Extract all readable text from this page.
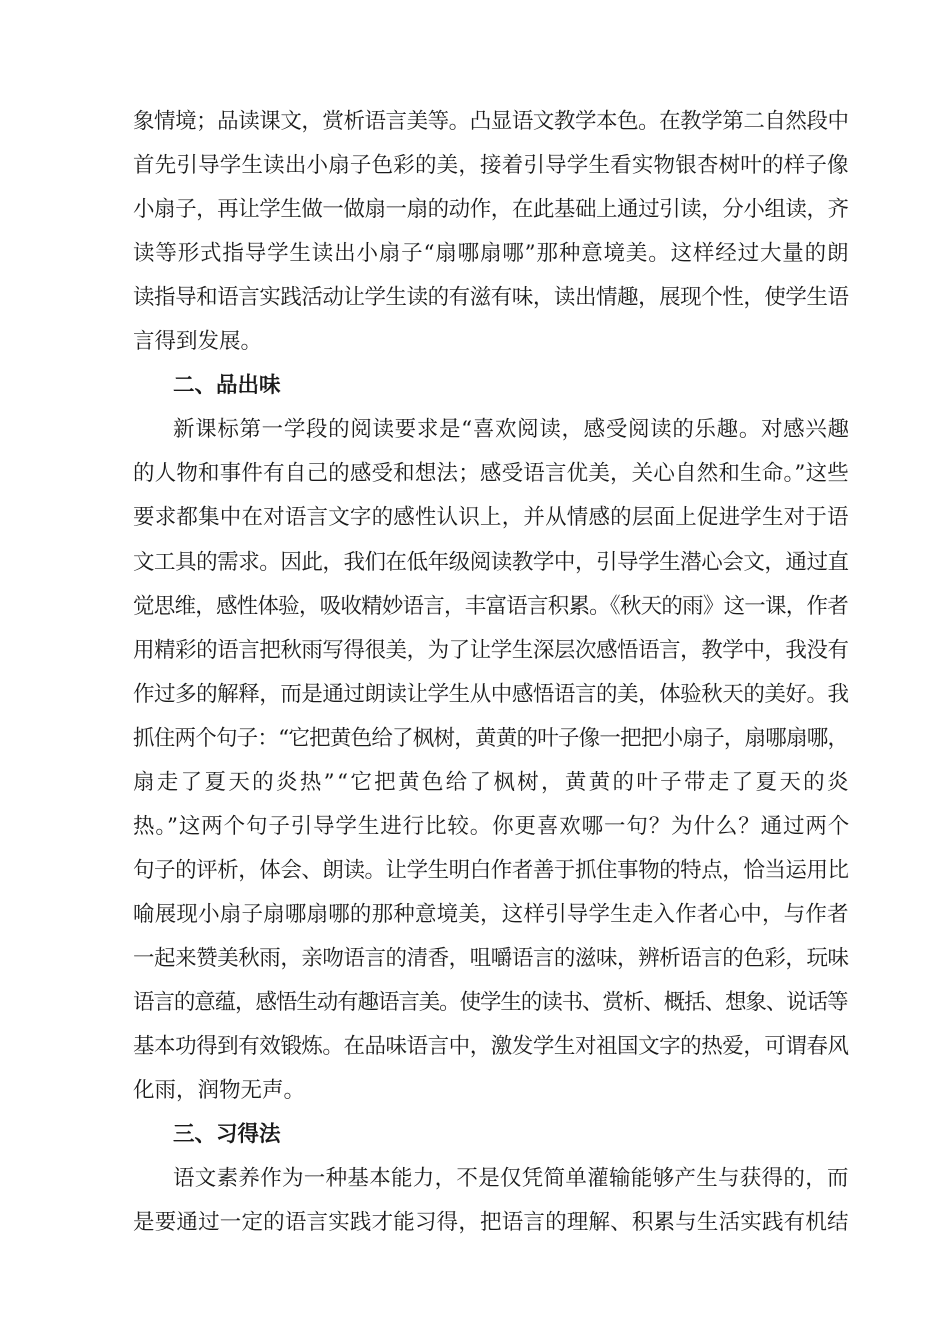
象情境；品读课文，赏析语言美等。凸显语文教学本色。在教学第二自然段中
首先引导学生读出小扇子色彩的美，接着引导学生看实物银杏树叶的样子像
小扇子，再让学生做一做扇一扇的动作，在此基础上通过引读，分小组读，齐
读等形式指导学生读出小扇子“扇哪扇哪”那种意境美。这样经过大量的朗
读指导和语言实践活动让学生读的有滋有味，读出情趣，展现个性，使学生语
言得到发展。
二、品出味
新课标第一学段的阅读要求是“喜欢阅读，感受阅读的乐趣。对感兴趣
的人物和事件有自己的感受和想法；感受语言优美，关心自然和生命。”这些
要求都集中在对语言文字的感性认识上，并从情感的层面上促进学生对于语
文工具的需求。因此，我们在低年级阅读教学中，引导学生潜心会文，通过直
觉思维，感性体验，吸收精妙语言，丰富语言积累。《秋天的雨》这一课，作者
用精彩的语言把秋雨写得很美，为了让学生深层次感悟语言，教学中，我没有
作过多的解释，而是通过朗读让学生从中感悟语言的美，体验秋天的美好。我
抓住两个句子：“它把黄色给了枫树，黄黄的叶子像一把把小扇子，扇哪扇哪，
扇走了夏天的炎热”“它把黄色给了枫树，黄黄的叶子带走了夏天的炎
热。”这两个句子引导学生进行比较。你更喜欢哪一句？为什么？通过两个
句子的评析，体会、朗读。让学生明白作者善于抓住事物的特点，恰当运用比
喻展现小扇子扇哪扇哪的那种意境美，这样引导学生走入作者心中，与作者
一起来赞美秋雨，亲吻语言的清香，咀嚼语言的滋味，辨析语言的色彩，玩味
语言的意蕴，感悟生动有趣语言美。使学生的读书、赏析、概括、想象、说话等
基本功得到有效锻炼。在品味语言中，激发学生对祖国文字的热爱，可谓春风
化雨，润物无声。
三、习得法
语文素养作为一种基本能力，不是仅凭简单灌输能够产生与获得的，而
是要通过一定的语言实践才能习得，把语言的理解、积累与生活实践有机结
